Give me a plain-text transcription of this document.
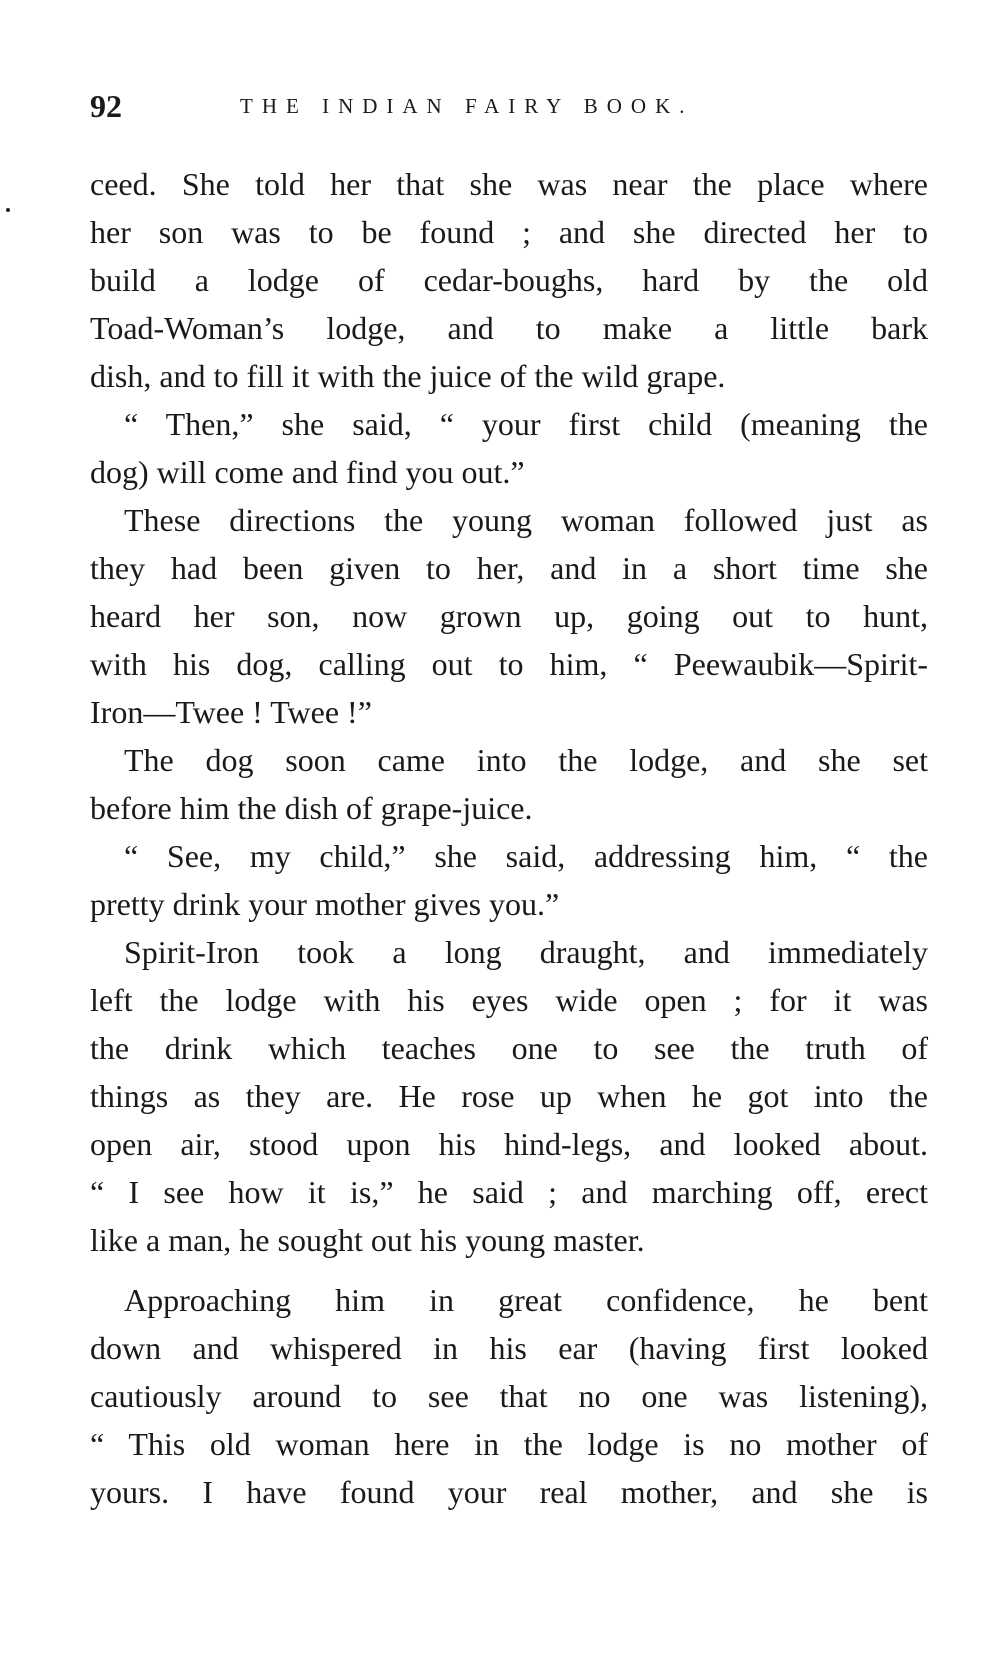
92	THE INDIAN FAIRY BOOK.
ceed. She told her that she was near the place where
her son was to be found ; and she directed her to
build a lodge of cedar-boughs, hard by the old
Toad-Woman’s lodge, and to make a little bark
dish, and to fill it with the juice of the wild grape.
“ Then,” she said, “ your first child (meaning the
dog) will come and find you out.”
These directions the young woman followed just as
they had been given to her, and in a short time she
heard her son, now grown up, going out to hunt,
with his dog, calling out to him, “ Peewaubik—Spirit-
Iron—Twee ! Twee !”
The dog soon came into the lodge, and she set
before him the dish of grape-juice.
“ See, my child,” she said, addressing him, “ the
pretty drink your mother gives you.”
Spirit-Iron took a long draught, and immediately
left the lodge with his eyes wide open ; for it was
the drink which teaches one to see the truth of
things as they are. He rose up when he got into the
open air, stood upon his hind-legs, and looked about.
“ I see how it is,” he said ; and marching off, erect
like a man, he sought out his young master.
Approaching him in great confidence, he bent
down and whispered in his ear (having first looked
cautiously around to see that no one was listening),
“ This old woman here in the lodge is no mother of
yours. I have found your real mother, and she is
